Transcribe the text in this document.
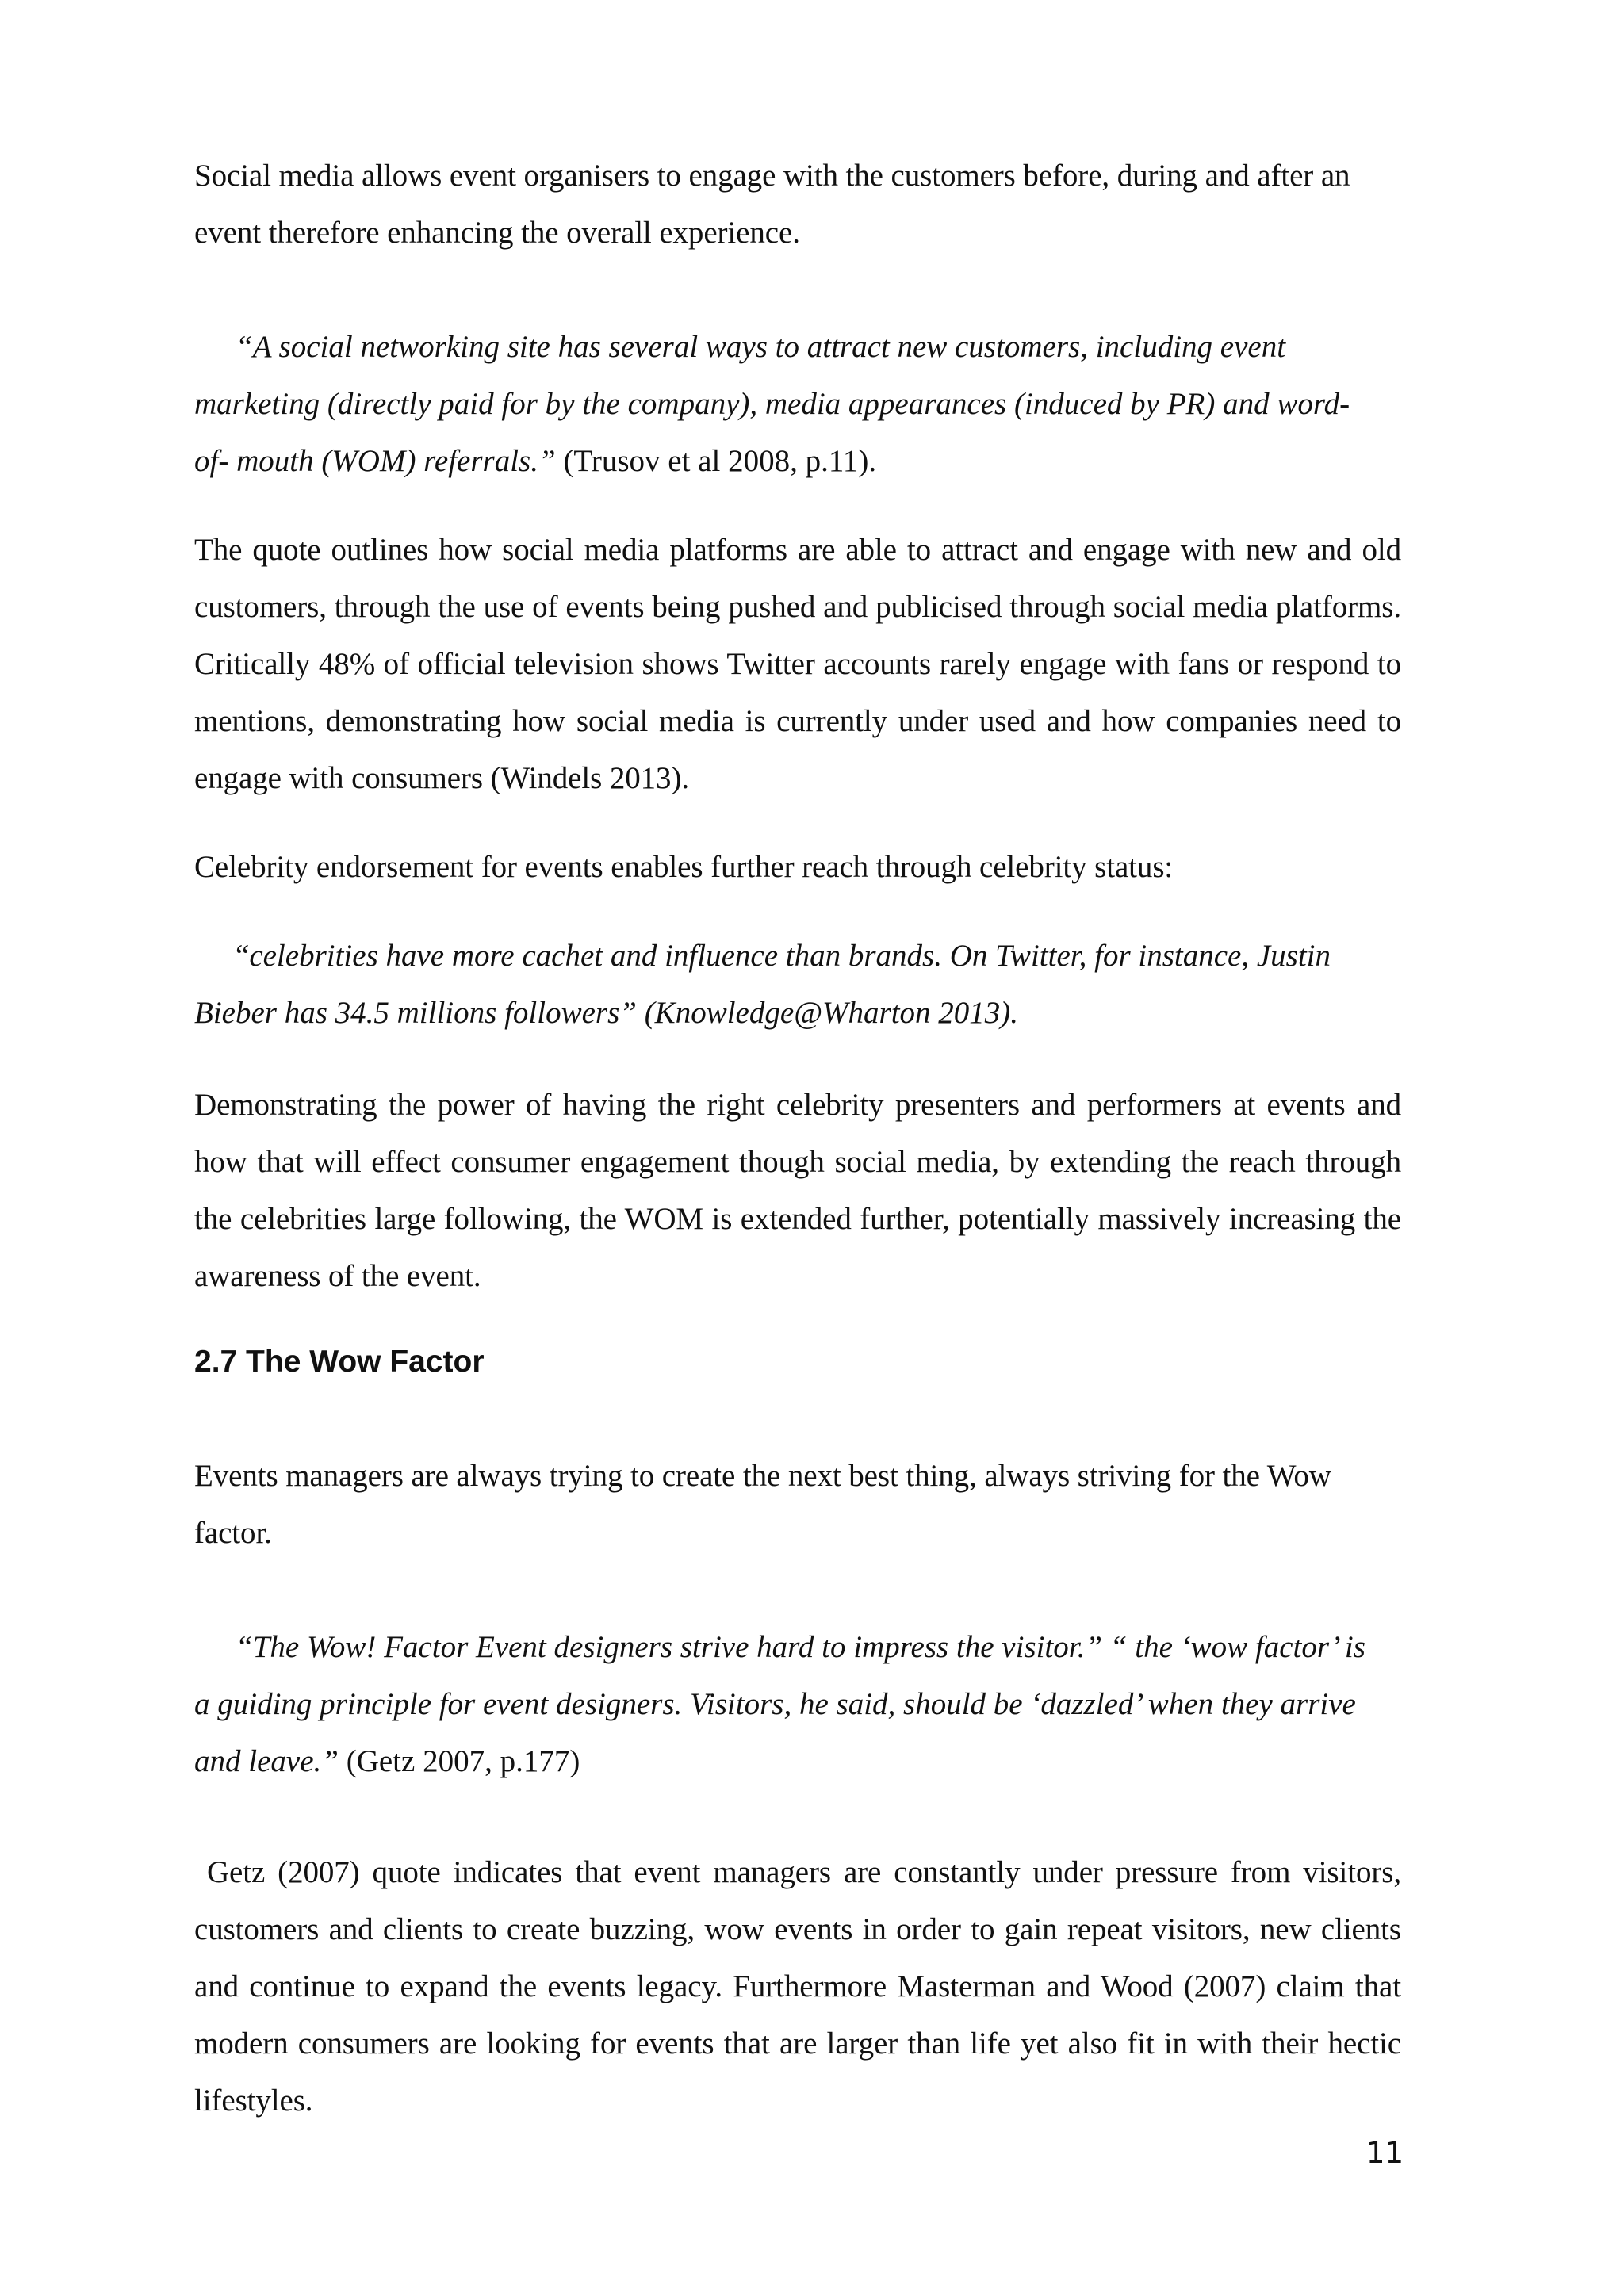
Social media allows event organisers to engage with the customers before, during and after an event therefore enhancing the overall experience.

“A social networking site has several ways to attract new customers, including event marketing (directly paid for by the company), media appearances (induced by PR) and word-of- mouth (WOM) referrals.” (Trusov et al 2008, p.11).

The quote outlines how social media platforms are able to attract and engage with new and old customers, through the use of events being pushed and publicised through social media platforms. Critically 48% of official television shows Twitter accounts rarely engage with fans or respond to mentions, demonstrating how social media is currently under used and how companies need to engage with consumers (Windels 2013).

Celebrity endorsement for events enables further reach through celebrity status:

“celebrities have more cachet and influence than brands. On Twitter, for instance, Justin Bieber has 34.5 millions followers” (Knowledge@Wharton 2013).

Demonstrating the power of having the right celebrity presenters and performers at events and how that will effect consumer engagement though social media, by extending the reach through the celebrities large following, the WOM is extended further, potentially massively increasing the awareness of the event.

2.7 The Wow Factor

Events managers are always trying to create the next best thing, always striving for the Wow factor.

“The Wow! Factor Event designers strive hard to impress the visitor.” “ the ‘wow factor’ is a guiding principle for event designers. Visitors, he said, should be ‘dazzled’ when they arrive and leave.” (Getz 2007, p.177)

Getz (2007) quote indicates that event managers are constantly under pressure from visitors, customers and clients to create buzzing, wow events in order to gain repeat visitors, new clients and continue to expand the events legacy. Furthermore Masterman and Wood (2007) claim that modern consumers are looking for events that are larger than life yet also fit in with their hectic lifestyles.

11
